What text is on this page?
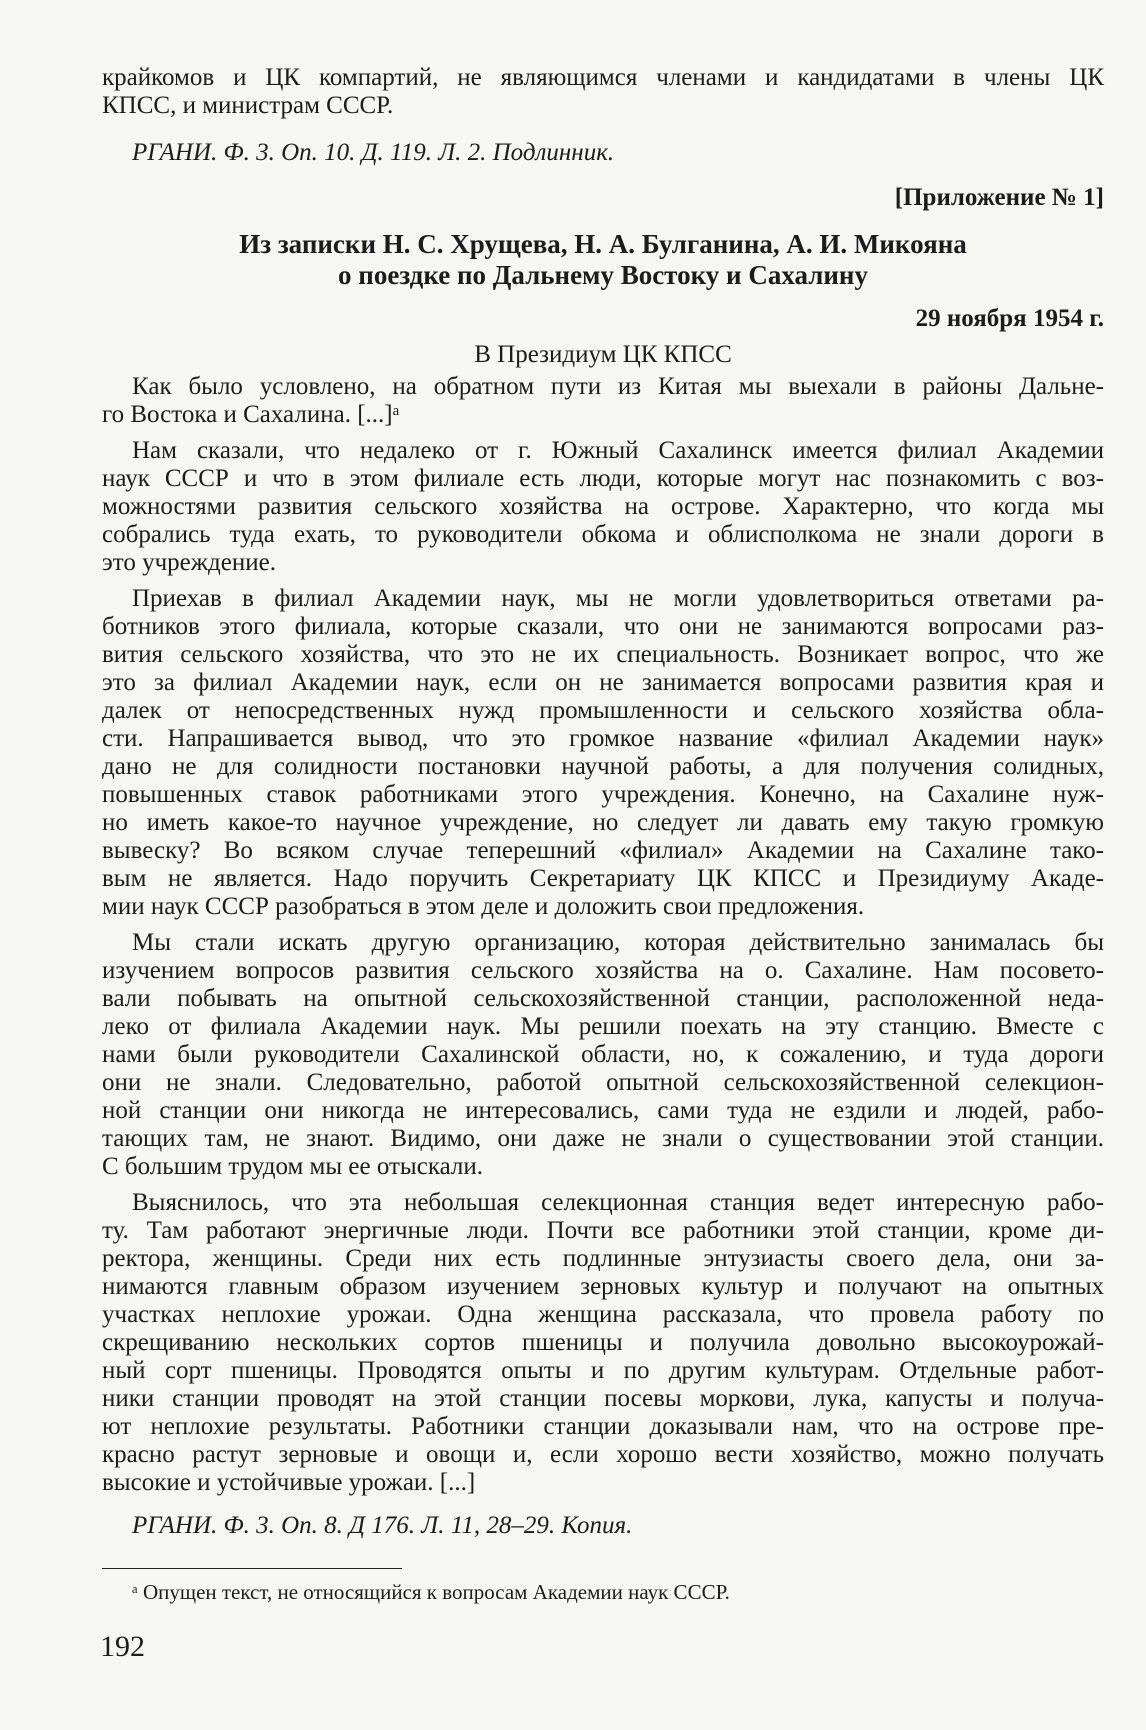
крайкомов и ЦК компартий, не являющимся членами и кандидатами в члены ЦК
КПСС, и министрам СССР.
РГАНИ. Ф. 3. Оп. 10. Д. 119. Л. 2. Подлинник.
[Приложение № 1]
Из записки Н. С. Хрущева, Н. А. Булганина, А. И. Микояна
о поездке по Дальнему Востоку и Сахалину
29 ноября 1954 г.
В Президиум ЦК КПСС
Как было условлено, на обратном пути из Китая мы выехали в районы Дальне-
го Востока и Сахалина. [...]ᵃ
Нам сказали, что недалеко от г. Южный Сахалинск имеется филиал Академии
наук СССР и что в этом филиале есть люди, которые могут нас познакомить с воз-
можностями развития сельского хозяйства на острове. Характерно, что когда мы
собрались туда ехать, то руководители обкома и облисполкома не знали дороги в
это учреждение.
Приехав в филиал Академии наук, мы не могли удовлетвориться ответами ра-
ботников этого филиала, которые сказали, что они не занимаются вопросами раз-
вития сельского хозяйства, что это не их специальность. Возникает вопрос, что же
это за филиал Академии наук, если он не занимается вопросами развития края и
далек от непосредственных нужд промышленности и сельского хозяйства обла-
сти. Напрашивается вывод, что это громкое название «филиал Академии наук»
дано не для солидности постановки научной работы, а для получения солидных,
повышенных ставок работниками этого учреждения. Конечно, на Сахалине нуж-
но иметь какое-то научное учреждение, но следует ли давать ему такую громкую
вывеску? Во всяком случае теперешний «филиал» Академии на Сахалине тако-
вым не является. Надо поручить Секретариату ЦК КПСС и Президиуму Акаде-
мии наук СССР разобраться в этом деле и доложить свои предложения.
Мы стали искать другую организацию, которая действительно занималась бы
изучением вопросов развития сельского хозяйства на о. Сахалине. Нам посовето-
вали побывать на опытной сельскохозяйственной станции, расположенной неда-
леко от филиала Академии наук. Мы решили поехать на эту станцию. Вместе с
нами были руководители Сахалинской области, но, к сожалению, и туда дороги
они не знали. Следовательно, работой опытной сельскохозяйственной селекцион-
ной станции они никогда не интересовались, сами туда не ездили и людей, рабо-
тающих там, не знают. Видимо, они даже не знали о существовании этой станции.
С большим трудом мы ее отыскали.
Выяснилось, что эта небольшая селекционная станция ведет интересную рабо-
ту. Там работают энергичные люди. Почти все работники этой станции, кроме ди-
ректора, женщины. Среди них есть подлинные энтузиасты своего дела, они за-
нимаются главным образом изучением зерновых культур и получают на опытных
участках неплохие урожаи. Одна женщина рассказала, что провела работу по
скрещиванию нескольких сортов пшеницы и получила довольно высокоурожай-
ный сорт пшеницы. Проводятся опыты и по другим культурам. Отдельные работ-
ники станции проводят на этой станции посевы моркови, лука, капусты и получа-
ют неплохие результаты. Работники станции доказывали нам, что на острове пре-
красно растут зерновые и овощи и, если хорошо вести хозяйство, можно получать
высокие и устойчивые урожаи. [...]
РГАНИ. Ф. 3. Оп. 8. Д 176. Л. 11, 28–29. Копия.
ᵃ Опущен текст, не относящийся к вопросам Академии наук СССР.
192
